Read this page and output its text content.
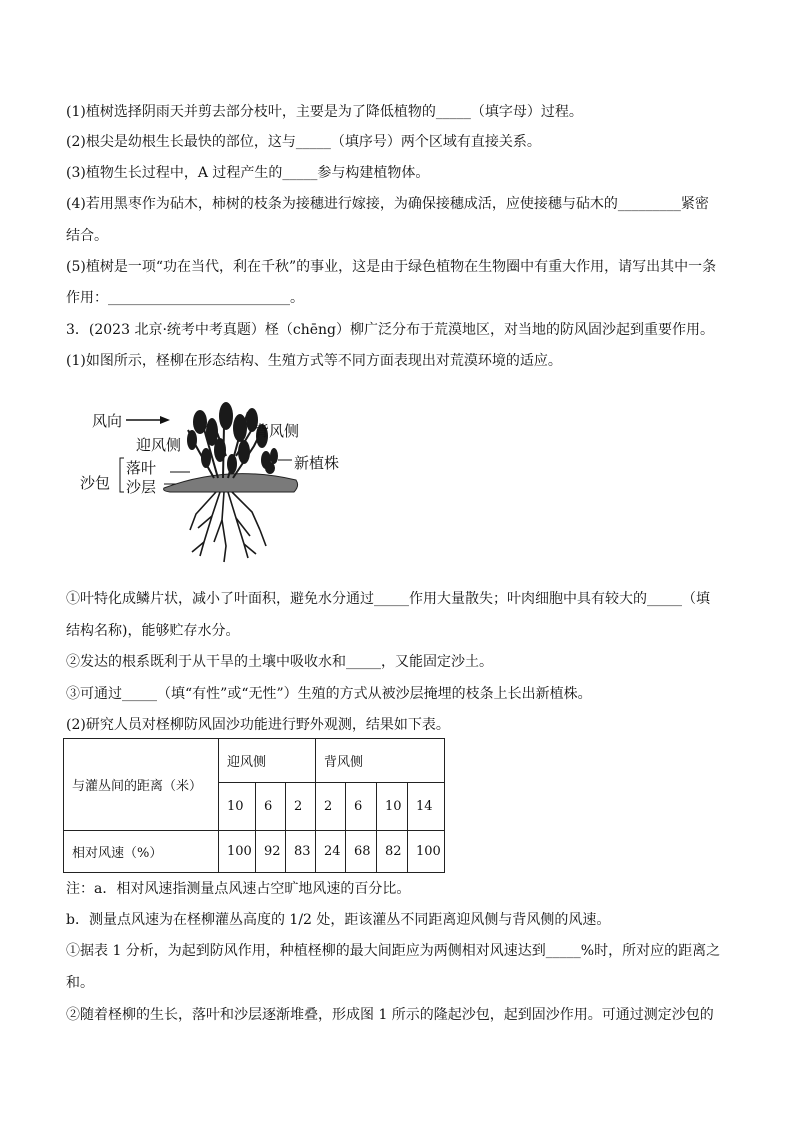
(1)植树选择阴雨天并剪去部分枝叶，主要是为了降低植物的_____（填字母）过程。
(2)根尖是幼根生长最快的部位，这与_____（填序号）两个区域有直接关系。
(3)植物生长过程中，A 过程产生的_____参与构建植物体。
(4)若用黑枣作为砧木，柿树的枝条为接穗进行嫁接，为确保接穗成活，应使接穗与砧木的_________紧密
结合。
(5)植树是一项“功在当代，利在千秋”的事业，这是由于绿色植物在生物圈中有重大作用，请写出其中一条
作用：__________________________。
3．(2023 北京·统考中考真题）柽（chēng）柳广泛分布于荒漠地区，对当地的防风固沙起到重要作用。
(1)如图所示，柽柳在形态结构、生殖方式等不同方面表现出对荒漠环境的适应。
风向
迎风侧
背风侧
新植株
沙包
落叶
沙层
①叶特化成鳞片状，减小了叶面积，避免水分通过_____作用大量散失；叶肉细胞中具有较大的_____（填
结构名称)，能够贮存水分。
②发达的根系既利于从干旱的土壤中吸收水和_____，又能固定沙土。
③可通过_____（填“有性”或“无性”）生殖的方式从被沙层掩埋的枝条上长出新植株。
(2)研究人员对柽柳防风固沙功能进行野外观测，结果如下表。
与灌丛间的距离（米）	迎风侧			背风侧			

	10	6	2	2	6	10	14

相对风速（%）	100	92	83	24	68	82	100
注：a．相对风速指测量点风速占空旷地风速的百分比。
b．测量点风速为在柽柳灌丛高度的 1/2 处，距该灌丛不同距离迎风侧与背风侧的风速。
①据表 1 分析，为起到防风作用，种植柽柳的最大间距应为两侧相对风速达到_____%时，所对应的距离之
和。
②随着柽柳的生长，落叶和沙层逐渐堆叠，形成图 1 所示的隆起沙包，起到固沙作用。可通过测定沙包的
